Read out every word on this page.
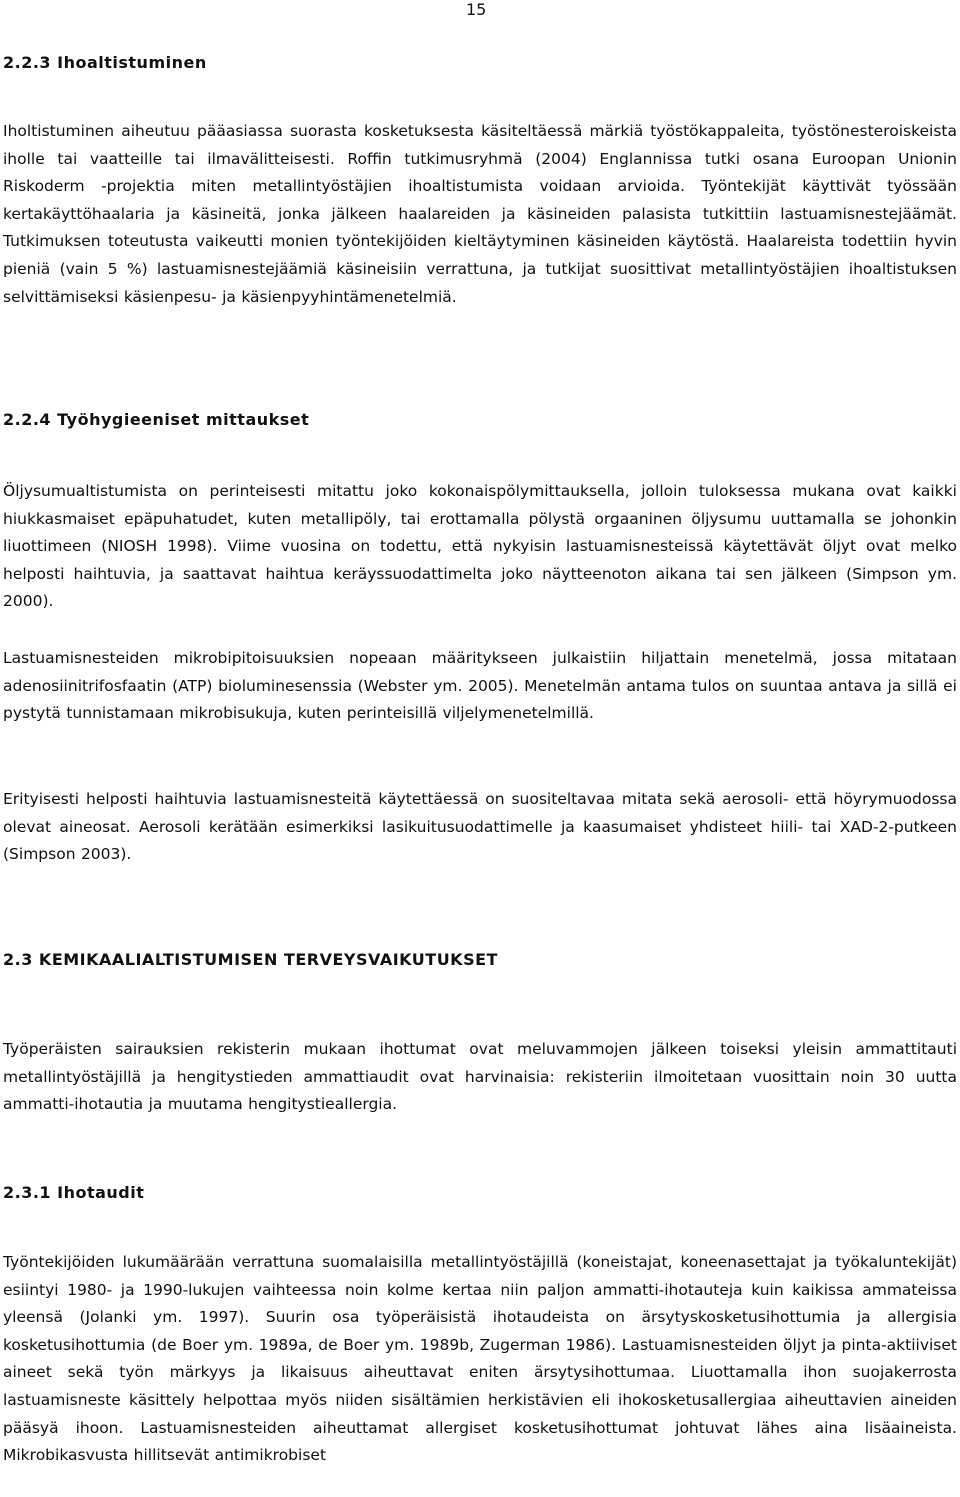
15
2.2.3 Ihoaltistuminen

Iholtistuminen aiheutuu pääasiassa suorasta kosketuksesta käsiteltäessä märkiä työstökappaleita, työstönesteroiskeista iholle tai vaatteille tai ilmavälitteisesti. Roffin tutkimusryhmä (2004) Englannissa tutki osana Euroopan Unionin Riskoderm -projektia miten metallintyöstäjien ihoaltistumista voidaan arvioida. Työntekijät käyttivät työssään kertakäyttöhaalaria ja käsineitä, jonka jälkeen haalareiden ja käsineiden palasista tutkittiin lastuamisnestejäämät. Tutkimuksen toteutusta vaikeutti monien työntekijöiden kieltäytyminen käsineiden käytöstä. Haalareista todettiin hyvin pieniä (vain 5 %) lastuamisnestejäämiä käsineisiin verrattuna, ja tutkijat suosittivat metallintyöstäjien ihoaltistuksen selvittämiseksi käsienpesu- ja käsienpyyhintämenetelmiä.

2.2.4 Työhygieeniset mittaukset

Öljysumualtistumista on perinteisesti mitattu joko kokonaispölymittauksella, jolloin tuloksessa mukana ovat kaikki hiukkasmaiset epäpuhatudet, kuten metallipöly, tai erottamalla pölystä orgaaninen öljysumu uuttamalla se johonkin liuottimeen (NIOSH 1998). Viime vuosina on todettu, että nykyisin lastuamisnesteissä käytettävät öljyt ovat melko helposti haihtuvia, ja saattavat haihtua keräyssuodattimelta joko näytteenoton aikana tai sen jälkeen (Simpson ym. 2000).

Lastuamisnesteiden mikrobipitoisuuksien nopeaan määritykseen julkaistiin hiljattain menetelmä, jossa mitataan adenosiinitrifosfaatin (ATP) bioluminesenssia (Webster ym. 2005). Menetelmän antama tulos on suuntaa antava ja sillä ei pystytä tunnistamaan mikrobisukuja, kuten perinteisillä viljelymenetelmillä.

Erityisesti helposti haihtuvia lastuamisnesteitä käytettäessä on suositeltavaa mitata sekä aerosoli- että höyrymuodossa olevat aineosat. Aerosoli kerätään esimerkiksi lasikuitusuodattimelle ja kaasumaiset yhdisteet hiili- tai XAD-2-putkeen (Simpson 2003).

2.3 KEMIKAALIALTISTUMISEN TERVEYSVAIKUTUKSET

Työperäisten sairauksien rekisterin mukaan ihottumat ovat meluvammojen jälkeen toiseksi yleisin ammattitauti metallintyöstäjillä ja hengitystieden ammattiaudit ovat harvinaisia: rekisteriin ilmoitetaan vuosittain noin 30 uutta ammatti-ihotautia ja muutama hengitystieallergia.

2.3.1 Ihotaudit

Työntekijöiden lukumäärään verrattuna suomalaisilla metallintyöstäjillä (koneistajat, koneenasettajat ja työkaluntekijät) esiintyi 1980- ja 1990-lukujen vaihteessa noin kolme kertaa niin paljon ammatti-ihotauteja kuin kaikissa ammateissa yleensä (Jolanki ym. 1997). Suurin osa työperäisistä ihotaudeista on ärsytyskosketusihottumia ja allergisia kosketusihottumia (de Boer ym. 1989a, de Boer ym. 1989b, Zugerman 1986). Lastuamisnesteiden öljyt ja pinta-aktiiviset aineet sekä työn märkyys ja likaisuus aiheuttavat eniten ärsytysihottumaa. Liuottamalla ihon suojakerrosta lastuamisneste käsittely helpottaa myös niiden sisältämien herkistävien eli ihokosketusallergiaa aiheuttavien aineiden pääsyä ihoon. Lastuamisnesteiden aiheuttamat allergiset kosketusihottumat johtuvat lähes aina lisäaineista. Mikrobikasvusta hillitsevät antimikrobiset
